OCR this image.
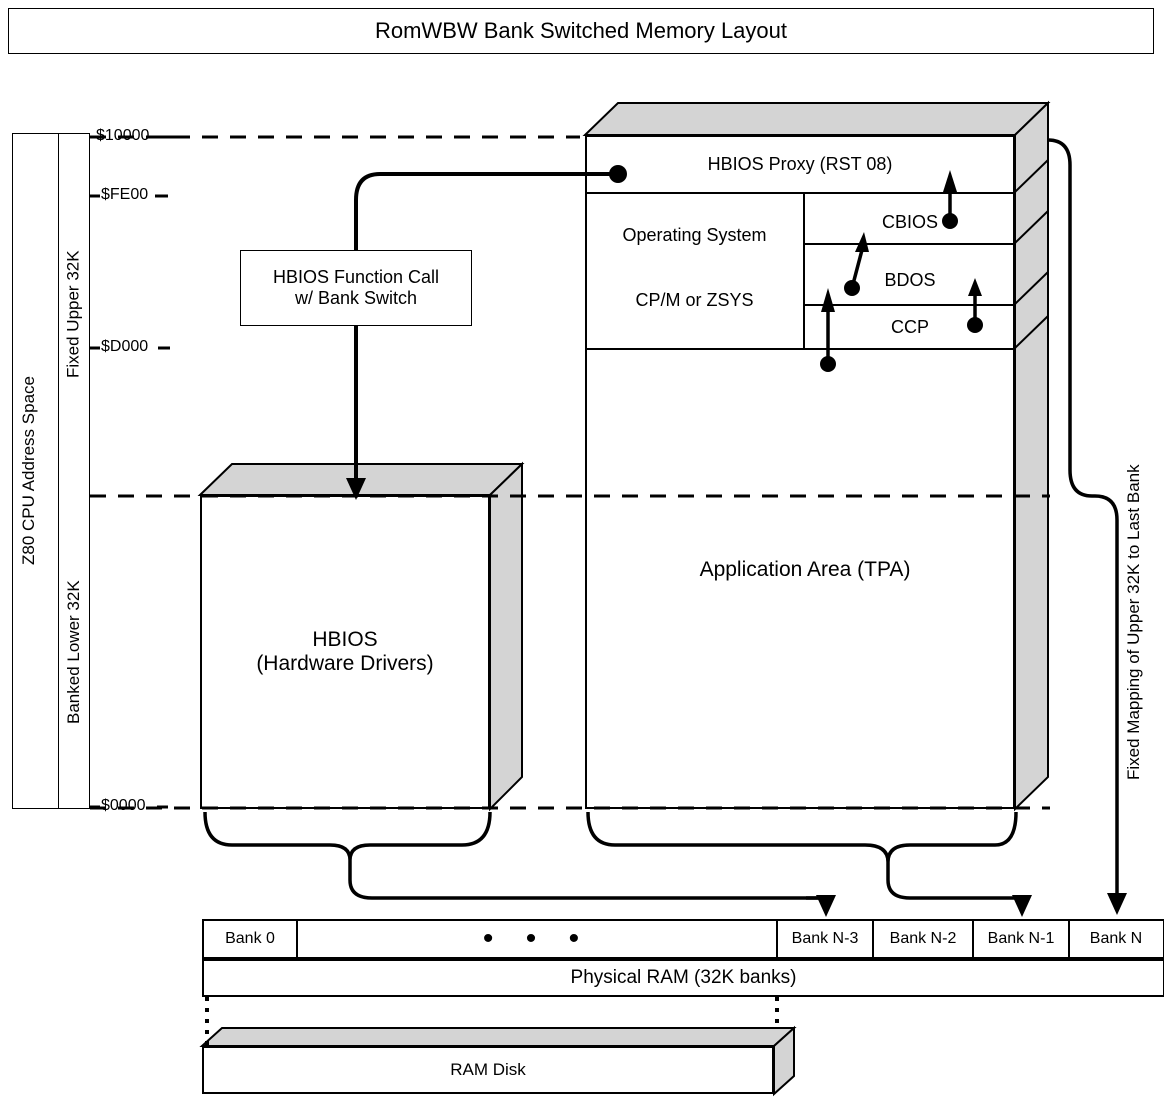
RomWBW Bank Switched Memory Layout
Z80 CPU Address Space
Fixed Upper 32K
Banked Lower 32K
$10000
$FE00
$D000
$0000
HBIOS Function Call
w/ Bank Switch
HBIOS
(Hardware Drivers)
HBIOS Proxy (RST 08)
Operating System
CP/M or ZSYS
CBIOS
BDOS
CCP
Application Area (TPA)	Fixed Mapping of Upper 32K to Last Bank
Bank 0	• • •	Bank N-3	Bank N-2	Bank N-1	Bank N
Physical RAM (32K banks)
RAM Disk
